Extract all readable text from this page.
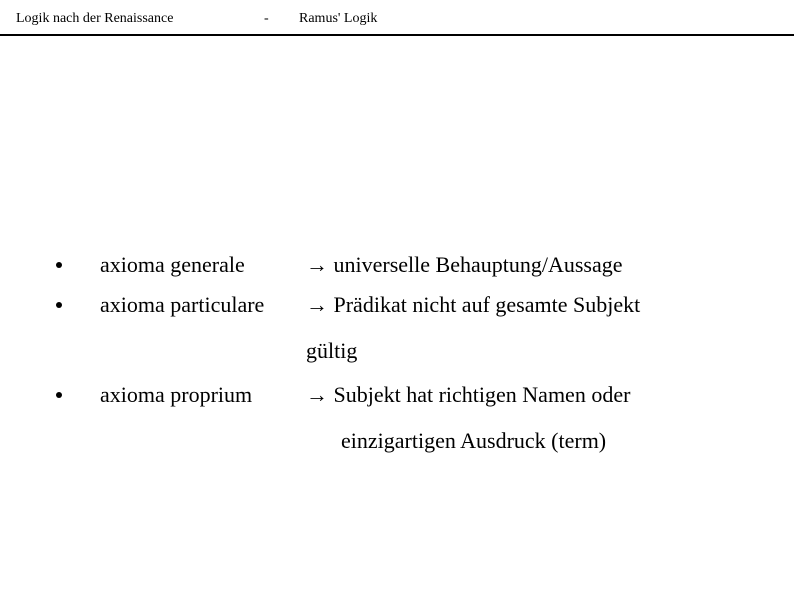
Logik nach der Renaissance	- Ramus' Logik
axioma generale	→ universelle Behauptung/Aussage
axioma particulare → Prädikat nicht auf gesamte Subjekt
gültig
axioma proprium → Subjekt hat richtigen Namen oder
einzigartigen Ausdruck (term)
